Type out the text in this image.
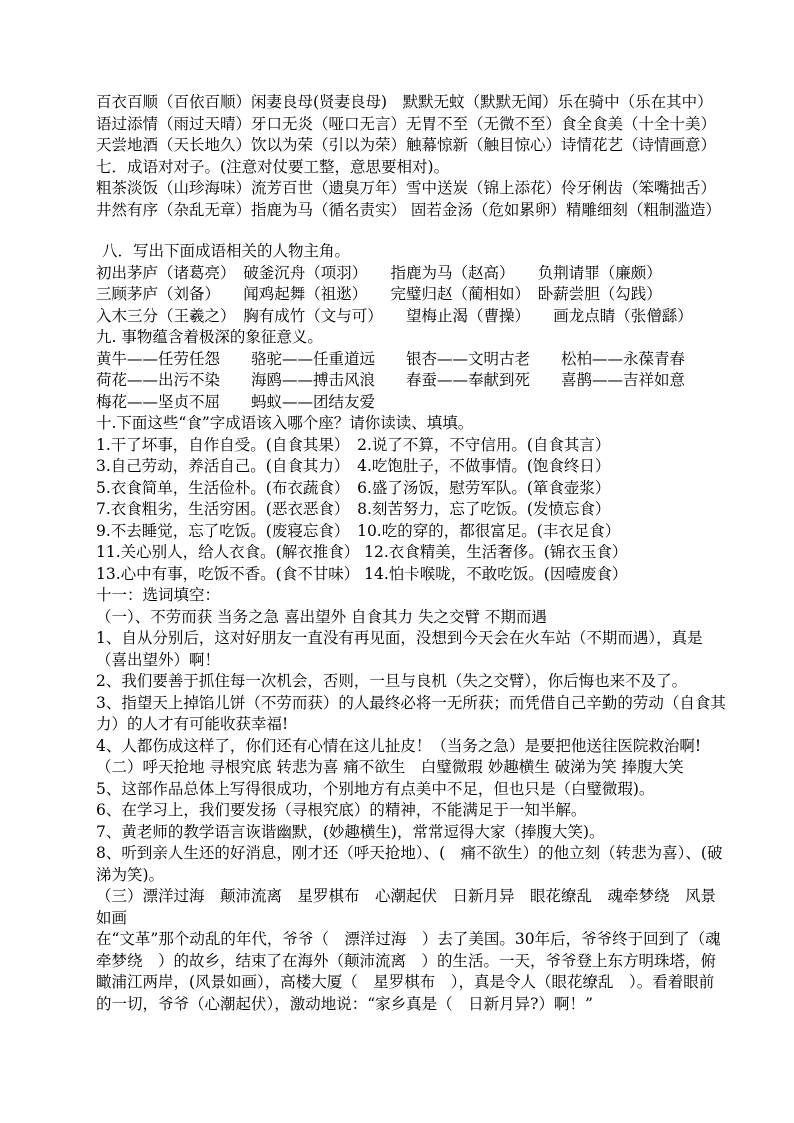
百衣百顺（百依百顺）闲妻良母(贤妻良母)　默默无蚊（默默无闻）乐在骑中（乐在其中）
语过添情（雨过天晴）牙口无炎（哑口无言）无胃不至（无微不至）食全食美（十全十美）
天尝地酒（天长地久）饮以为荣（引以为荣）触幕惊新（触目惊心）诗情花艺（诗情画意）
七．成语对对子。(注意对仗要工整，意思要相对)。
粗茶淡饭（山珍海味）流芳百世（遗臭万年）雪中送炭（锦上添花）伶牙俐齿（笨嘴拙舌）
井然有序（杂乱无章）指鹿为马（循名责实） 固若金汤（危如累卵）精雕细刻（粗制滥造）
八．写出下面成语相关的人物主角。
初出茅庐（诸葛亮）　破釜沉舟（项羽）　　指鹿为马（赵高）　　负荆请罪（廉颇）
三顾茅庐（刘备）　　闻鸡起舞（祖逖）　　完璧归赵（蔺相如）　卧薪尝胆（勾践）
入木三分（王羲之）　胸有成竹（文与可）　　望梅止渴（曹操）　　画龙点睛（张僧繇）
九. 事物蕴含着极深的象征意义。
黄牛——任劳任怨　　骆驼——任重道远　　银杏——文明古老　　松柏——永葆青春
荷花——出污不染　　海鸥——搏击风浪　　春蚕——奉献到死　　喜鹊——吉祥如意
梅花——坚贞不屈　　蚂蚁——团结友爱
十.下面这些“食”字成语该入哪个座？请你读读、填填。
1.干了坏事，自作自受。(自食其果）　2.说了不算，不守信用。(自食其言）
3.自己劳动，养活自己。(自食其力）　4.吃饱肚子，不做事情。(饱食终日）
5.衣食简单，生活俭朴。(布衣蔬食）　6.盛了汤饭，慰劳军队。(箪食壶浆）
7.衣食粗劣，生活穷困。(恶衣恶食）　8.刻苦努力，忘了吃饭。(发愤忘食）
9.不去睡觉，忘了吃饭。(废寝忘食）　10.吃的穿的，都很富足。(丰衣足食）
11.关心别人，给人衣食。(解衣推食） 12.衣食精美，生活奢侈。(锦衣玉食）
13.心中有事，吃饭不香。(食不甘味） 14.怕卡喉咙，不敢吃饭。(因噎废食）
十一：选词填空：
（一）、不劳而获 当务之急 喜出望外 自食其力 失之交臂 不期而遇
1、自从分别后，这对好朋友一直没有再见面，没想到今天会在火车站（不期而遇），真是（喜出望外）啊！
2、我们要善于抓住每一次机会，否则，一旦与良机（失之交臂），你后悔也来不及了。
3、指望天上掉馅儿饼（不劳而获）的人最终必将一无所获；而凭借自己辛勤的劳动（自食其力）的人才有可能收获幸福!
4、人都伤成这样了，你们还有心情在这儿扯皮！（当务之急）是要把他送往医院救治啊!
（二）呼天抢地 寻根究底 转悲为喜 痛不欲生　白璧微瑕 妙趣横生 破涕为笑 捧腹大笑
5、这部作品总体上写得很成功，个别地方有点美中不足，但也只是（白璧微瑕)。
6、在学习上，我们要发扬（寻根究底）的精神，不能满足于一知半解。
7、黄老师的教学语言诙谐幽默，(妙趣横生)，常常逗得大家（捧腹大笑)。
8、听到亲人生还的好消息，刚才还（呼天抢地）、(　痛不欲生）的他立刻（转悲为喜）、(破涕为笑)。
（三）漂洋过海　颠沛流离　星罗棋布　心潮起伏　日新月异　眼花缭乱　魂牵梦绕　风景如画
在“文革”那个动乱的年代，爷爷（　漂洋过海　）去了美国。30年后，爷爷终于回到了（魂牵梦绕　）的故乡，结束了在海外（颠沛流离　）的生活。一天，爷爷登上东方明珠塔，俯瞰浦江两岸，(风景如画），高楼大厦（　星罗棋布　），真是令人（眼花缭乱　）。看着眼前的一切，爷爷（心潮起伏），激动地说：“家乡真是（　日新月异?）啊！”
